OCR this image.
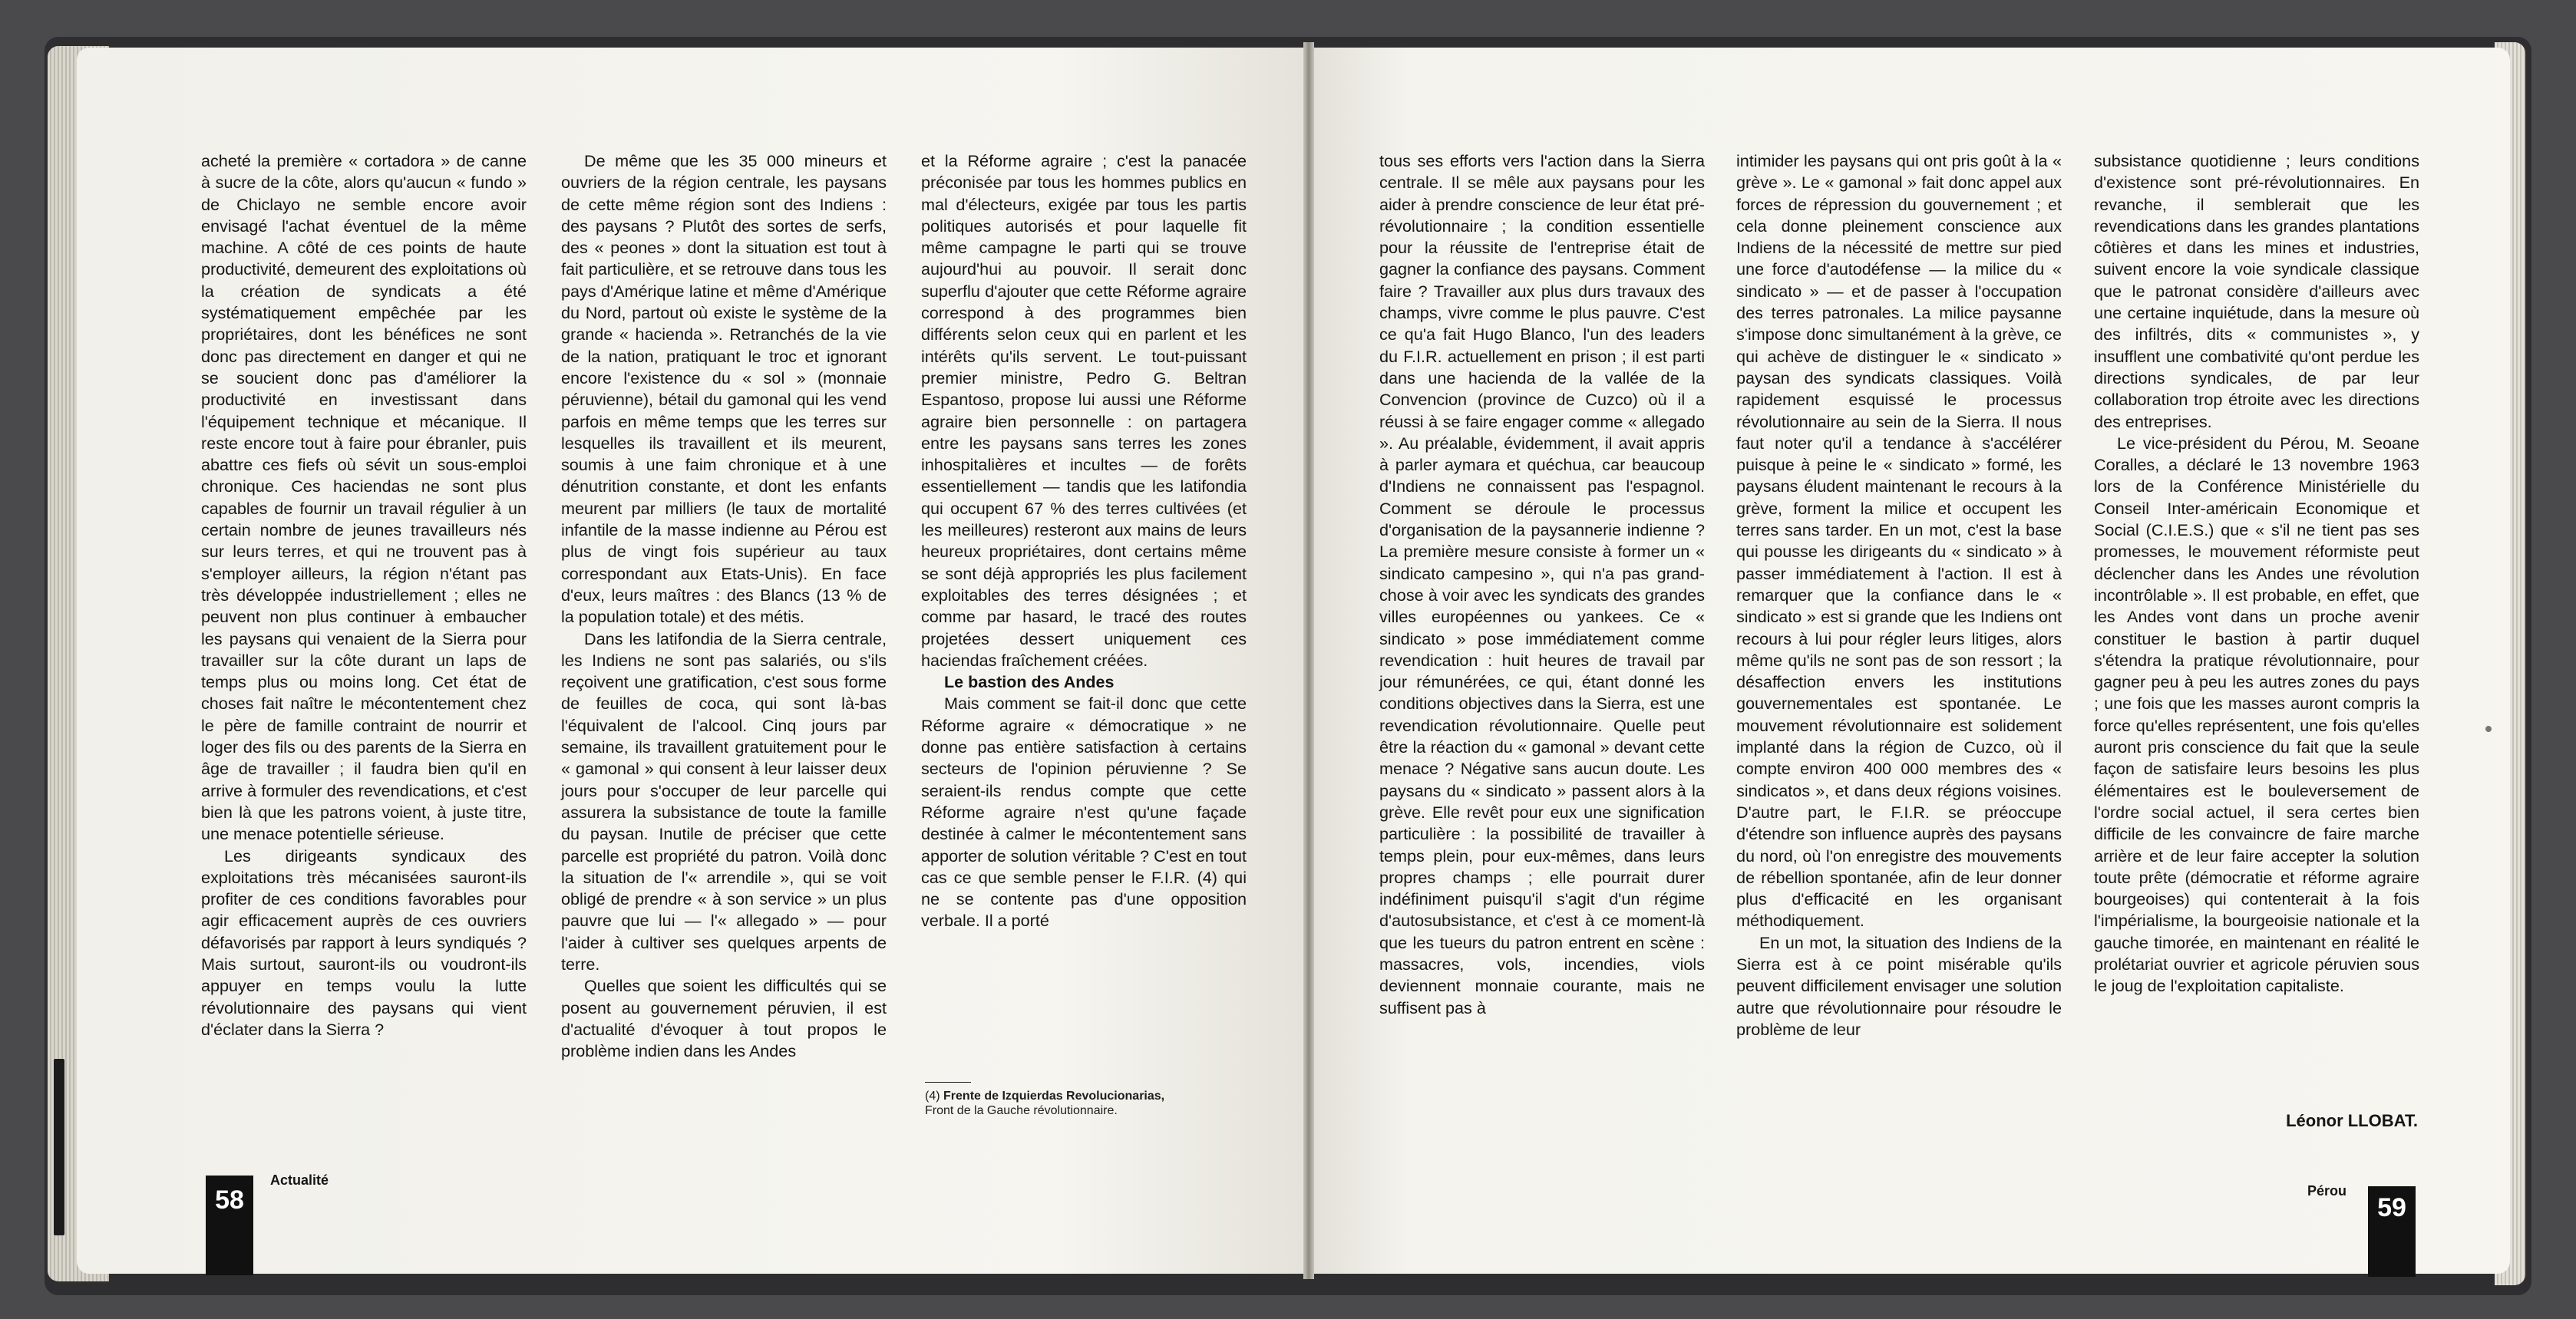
acheté la première « cortadora » de canne à sucre de la côte, alors qu'aucun « fundo » de Chiclayo ne semble encore avoir envisagé l'achat éventuel de la même machine. A côté de ces points de haute productivité, demeurent des exploitations où la création de syndicats a été systématiquement empêchée par les propriétaires, dont les bénéfices ne sont donc pas directement en danger et qui ne se soucient donc pas d'améliorer la productivité en investissant dans l'équipement technique et mécanique. Il reste encore tout à faire pour ébranler, puis abattre ces fiefs où sévit un sous-emploi chronique. Ces haciendas ne sont plus capables de fournir un travail régulier à un certain nombre de jeunes travailleurs nés sur leurs terres, et qui ne trouvent pas à s'employer ailleurs, la région n'étant pas très développée industriellement ; elles ne peuvent non plus continuer à embaucher les paysans qui venaient de la Sierra pour travailler sur la côte durant un laps de temps plus ou moins long. Cet état de choses fait naître le mécontentement chez le père de famille contraint de nourrir et loger des fils ou des parents de la Sierra en âge de travailler ; il faudra bien qu'il en arrive à formuler des revendications, et c'est bien là que les patrons voient, à juste titre, une menace potentielle sérieuse.

Les dirigeants syndicaux des exploitations très mécanisées sauront-ils profiter de ces conditions favorables pour agir efficacement auprès de ces ouvriers défavorisés par rapport à leurs syndiqués ? Mais surtout, sauront-ils ou voudront-ils appuyer en temps voulu la lutte révolutionnaire des paysans qui vient d'éclater dans la Sierra ?

De même que les 35 000 mineurs et ouvriers de la région centrale, les paysans de cette même région sont des Indiens : des paysans ? Plutôt des sortes de serfs, des « peones » dont la situation est tout à fait particulière, et se retrouve dans tous les pays d'Amérique latine et même d'Amérique du Nord, partout où existe le système de la grande « hacienda ». Retranchés de la vie de la nation, pratiquant le troc et ignorant encore l'existence du « sol » (monnaie péruvienne), bétail du gamonal qui les vend parfois en même temps que les terres sur lesquelles ils travaillent et ils meurent, soumis à une faim chronique et à une dénutrition constante, et dont les enfants meurent par milliers (le taux de mortalité infantile de la masse indienne au Pérou est plus de vingt fois supérieur au taux correspondant aux Etats-Unis). En face d'eux, leurs maîtres : des Blancs (13 % de la population totale) et des métis.

Dans les latifondia de la Sierra centrale, les Indiens ne sont pas salariés, ou s'ils reçoivent une gratification, c'est sous forme de feuilles de coca, qui sont là-bas l'équivalent de l'alcool. Cinq jours par semaine, ils travaillent gratuitement pour le « gamonal » qui consent à leur laisser deux jours pour s'occuper de leur parcelle qui assurera la subsistance de toute la famille du paysan. Inutile de préciser que cette parcelle est propriété du patron. Voilà donc la situation de l'« arrendile », qui se voit obligé de prendre « à son service » un plus pauvre que lui — l'« allegado » — pour l'aider à cultiver ses quelques arpents de terre.

Quelles que soient les difficultés qui se posent au gouvernement péruvien, il est d'actualité d'évoquer à tout propos le problème indien dans les Andes

et la Réforme agraire ; c'est la panacée préconisée par tous les hommes publics en mal d'électeurs, exigée par tous les partis politiques autorisés et pour laquelle fit même campagne le parti qui se trouve aujourd'hui au pouvoir. Il serait donc superflu d'ajouter que cette Réforme agraire correspond à des programmes bien différents selon ceux qui en parlent et les intérêts qu'ils servent. Le tout-puissant premier ministre, Pedro G. Beltran Espantoso, propose lui aussi une Réforme agraire bien personnelle : on partagera entre les paysans sans terres les zones inhospitalières et incultes — de forêts essentiellement — tandis que les latifondia qui occupent 67 % des terres cultivées (et les meilleures) resteront aux mains de leurs heureux propriétaires, dont certains même se sont déjà appropriés les plus facilement exploitables des terres désignées ; et comme par hasard, le tracé des routes projetées dessert uniquement ces haciendas fraîchement créées.

Le bastion des Andes

Mais comment se fait-il donc que cette Réforme agraire « démocratique » ne donne pas entière satisfaction à certains secteurs de l'opinion péruvienne ? Se seraient-ils rendus compte que cette Réforme agraire n'est qu'une façade destinée à calmer le mécontentement sans apporter de solution véritable ? C'est en tout cas ce que semble penser le F.I.R. (4) qui ne se contente pas d'une opposition verbale. Il a porté

(4) Frente de Izquierdas Revolucionarias,
Front de la Gauche révolutionnaire.
58
Actualité

tous ses efforts vers l'action dans la Sierra centrale. Il se mêle aux paysans pour les aider à prendre conscience de leur état pré-révolutionnaire ; la condition essentielle pour la réussite de l'entreprise était de gagner la confiance des paysans. Comment faire ? Travailler aux plus durs travaux des champs, vivre comme le plus pauvre. C'est ce qu'a fait Hugo Blanco, l'un des leaders du F.I.R. actuellement en prison ; il est parti dans une hacienda de la vallée de la Convencion (province de Cuzco) où il a réussi à se faire engager comme « allegado ». Au préalable, évidemment, il avait appris à parler aymara et quéchua, car beaucoup d'Indiens ne connaissent pas l'espagnol. Comment se déroule le processus d'organisation de la paysannerie indienne ? La première mesure consiste à former un « sindicato campesino », qui n'a pas grand-chose à voir avec les syndicats des grandes villes européennes ou yankees. Ce « sindicato » pose immédiatement comme revendication : huit heures de travail par jour rémunérées, ce qui, étant donné les conditions objectives dans la Sierra, est une revendication révolutionnaire. Quelle peut être la réaction du « gamonal » devant cette menace ? Négative sans aucun doute. Les paysans du « sindicato » passent alors à la grève. Elle revêt pour eux une signification particulière : la possibilité de travailler à temps plein, pour eux-mêmes, dans leurs propres champs ; elle pourrait durer indéfiniment puisqu'il s'agit d'un régime d'autosubsistance, et c'est à ce moment-là que les tueurs du patron entrent en scène : massacres, vols, incendies, viols deviennent monnaie courante, mais ne suffisent pas à

intimider les paysans qui ont pris goût à la « grève ». Le « gamonal » fait donc appel aux forces de répression du gouvernement ; et cela donne pleinement conscience aux Indiens de la nécessité de mettre sur pied une force d'autodéfense — la milice du « sindicato » — et de passer à l'occupation des terres patronales. La milice paysanne s'impose donc simultanément à la grève, ce qui achève de distinguer le « sindicato » paysan des syndicats classiques. Voilà rapidement esquissé le processus révolutionnaire au sein de la Sierra. Il nous faut noter qu'il a tendance à s'accélérer puisque à peine le « sindicato » formé, les paysans éludent maintenant le recours à la grève, forment la milice et occupent les terres sans tarder. En un mot, c'est la base qui pousse les dirigeants du « sindicato » à passer immédiatement à l'action. Il est à remarquer que la confiance dans le « sindicato » est si grande que les Indiens ont recours à lui pour régler leurs litiges, alors même qu'ils ne sont pas de son ressort ; la désaffection envers les institutions gouvernementales est spontanée. Le mouvement révolutionnaire est solidement implanté dans la région de Cuzco, où il compte environ 400 000 membres des « sindicatos », et dans deux régions voisines. D'autre part, le F.I.R. se préoccupe d'étendre son influence auprès des paysans du nord, où l'on enregistre des mouvements de rébellion spontanée, afin de leur donner plus d'efficacité en les organisant méthodiquement.

En un mot, la situation des Indiens de la Sierra est à ce point misérable qu'ils peuvent difficilement envisager une solution autre que révolutionnaire pour résoudre le problème de leur

subsistance quotidienne ; leurs conditions d'existence sont pré-révolutionnaires. En revanche, il semblerait que les revendications dans les grandes plantations côtières et dans les mines et industries, suivent encore la voie syndicale classique que le patronat considère d'ailleurs avec une certaine inquiétude, dans la mesure où des infiltrés, dits « communistes », y insufflent une combativité qu'ont perdue les directions syndicales, de par leur collaboration trop étroite avec les directions des entreprises.

Le vice-président du Pérou, M. Seoane Coralles, a déclaré le 13 novembre 1963 lors de la Conférence Ministérielle du Conseil Inter-américain Economique et Social (C.I.E.S.) que « s'il ne tient pas ses promesses, le mouvement réformiste peut déclencher dans les Andes une révolution incontrôlable ». Il est probable, en effet, que les Andes vont dans un proche avenir constituer le bastion à partir duquel s'étendra la pratique révolutionnaire, pour gagner peu à peu les autres zones du pays ; une fois que les masses auront compris la force qu'elles représentent, une fois qu'elles auront pris conscience du fait que la seule façon de satisfaire leurs besoins les plus élémentaires est le bouleversement de l'ordre social actuel, il sera certes bien difficile de les convaincre de faire marche arrière et de leur faire accepter la solution toute prête (démocratie et réforme agraire bourgeoises) qui contenterait à la fois l'impérialisme, la bourgeoisie nationale et la gauche timorée, en maintenant en réalité le prolétariat ouvrier et agricole péruvien sous le joug de l'exploitation capitaliste.

Léonor LLOBAT.
Pérou
59
